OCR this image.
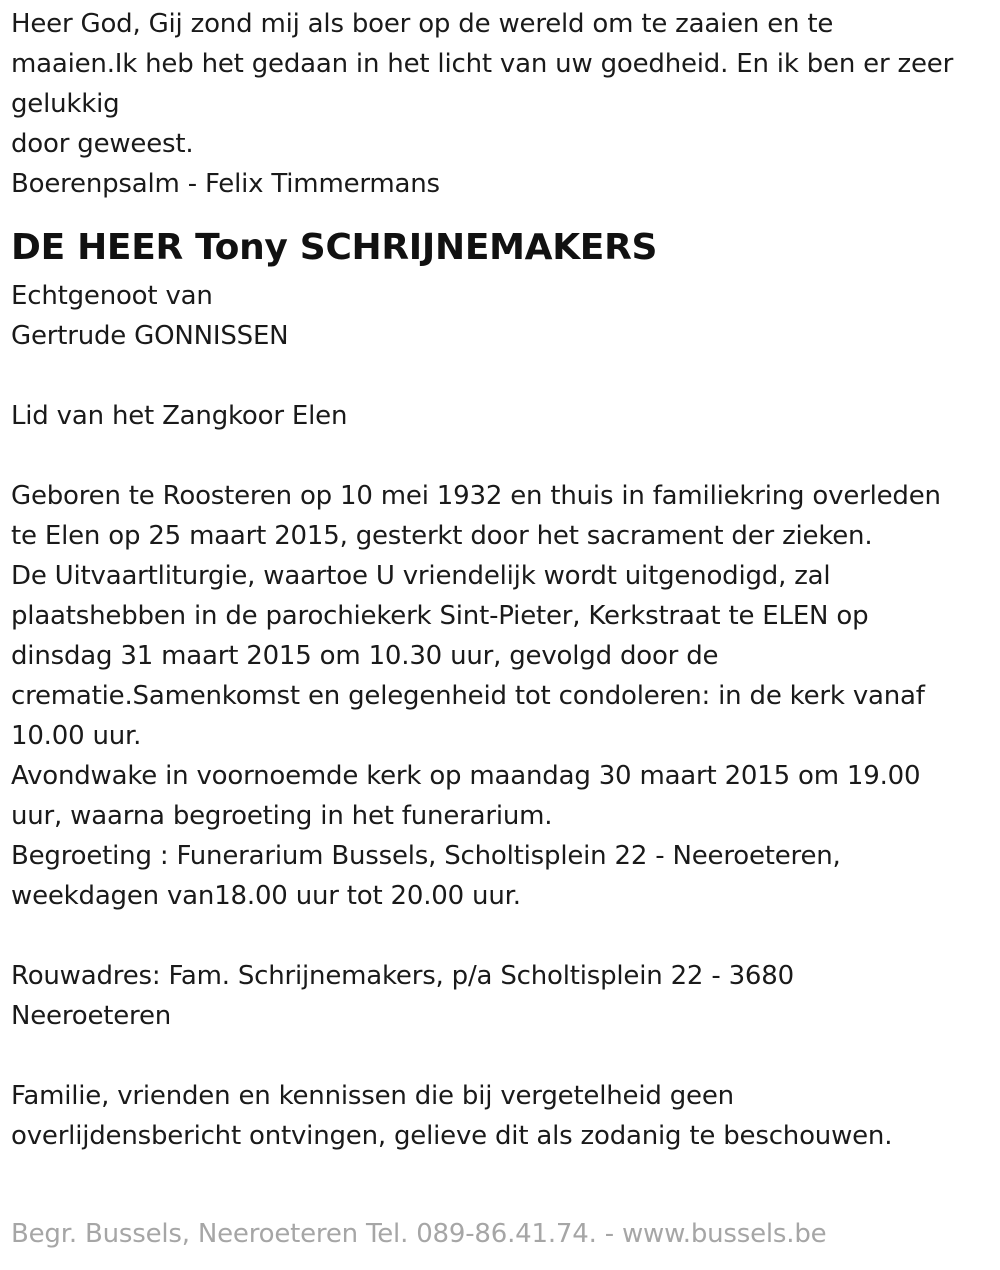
Heer God, Gij zond mij als boer op de wereld om te zaaien en te
maaien.Ik heb het gedaan in het licht van uw goedheid. En ik ben er zeer
gelukkig
door geweest.
Boerenpsalm - Felix Timmermans
DE HEER Tony SCHRIJNEMAKERS
Echtgenoot van
Gertrude GONNISSEN
Lid van het Zangkoor Elen
Geboren te Roosteren op 10 mei 1932 en thuis in familiekring overleden
te Elen op 25 maart 2015, gesterkt door het sacrament der zieken.
De Uitvaartliturgie, waartoe U vriendelijk wordt uitgenodigd, zal
plaatshebben in de parochiekerk Sint-Pieter, Kerkstraat te ELEN op
dinsdag 31 maart 2015 om 10.30 uur, gevolgd door de
crematie.Samenkomst en gelegenheid tot condoleren: in de kerk vanaf
10.00 uur.
Avondwake in voornoemde kerk op maandag 30 maart 2015 om 19.00
uur, waarna begroeting in het funerarium.
Begroeting : Funerarium Bussels, Scholtisplein 22 - Neeroeteren,
weekdagen van18.00 uur tot 20.00 uur.
Rouwadres: Fam. Schrijnemakers, p/a Scholtisplein 22 - 3680
Neeroeteren
Familie, vrienden en kennissen die bij vergetelheid geen
overlijdensbericht ontvingen, gelieve dit als zodanig te beschouwen.
Begr. Bussels, Neeroeteren Tel. 089-86.41.74. - www.bussels.be
